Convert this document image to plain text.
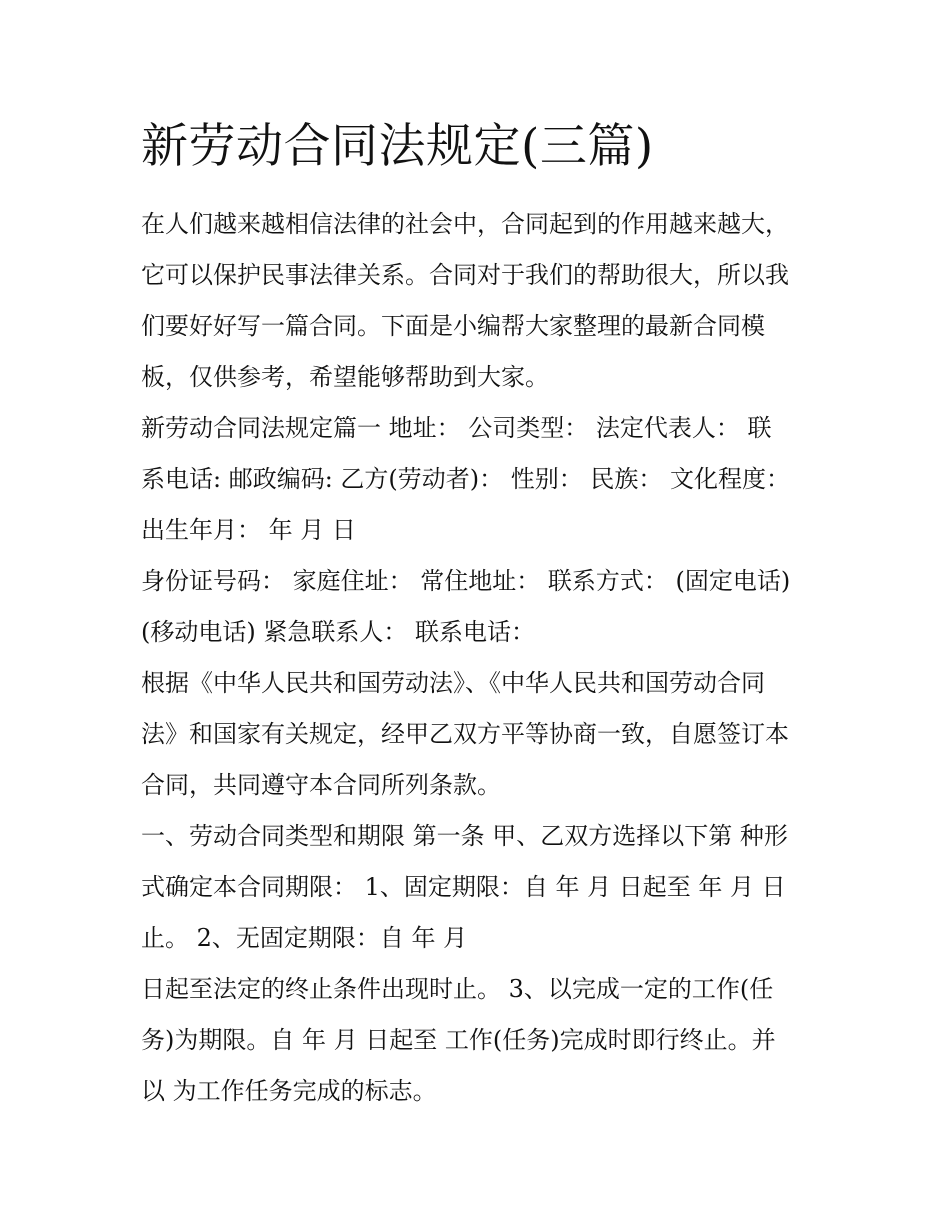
新劳动合同法规定(三篇)
在人们越来越相信法律的社会中，合同起到的作用越来越大，
它可以保护民事法律关系。合同对于我们的帮助很大，所以我
们要好好写一篇合同。下面是小编帮大家整理的最新合同模
板，仅供参考，希望能够帮助到大家。
新劳动合同法规定篇一 地址： 公司类型： 法定代表人： 联
系电话: 邮政编码: 乙方(劳动者)： 性别： 民族： 文化程度：
出生年月： 年 月 日
身份证号码： 家庭住址： 常住地址： 联系方式： (固定电话)
(移动电话) 紧急联系人： 联系电话：
根据《中华人民共和国劳动法》、《中华人民共和国劳动合同
法》和国家有关规定，经甲乙双方平等协商一致，自愿签订本
合同，共同遵守本合同所列条款。
一、劳动合同类型和期限 第一条 甲、乙双方选择以下第 种形
式确定本合同期限： 1、固定期限：自 年 月 日起至 年 月 日
止。 2、无固定期限：自 年 月
日起至法定的终止条件出现时止。 3、以完成一定的工作(任
务)为期限。自 年 月 日起至 工作(任务)完成时即行终止。并
以 为工作任务完成的标志。
